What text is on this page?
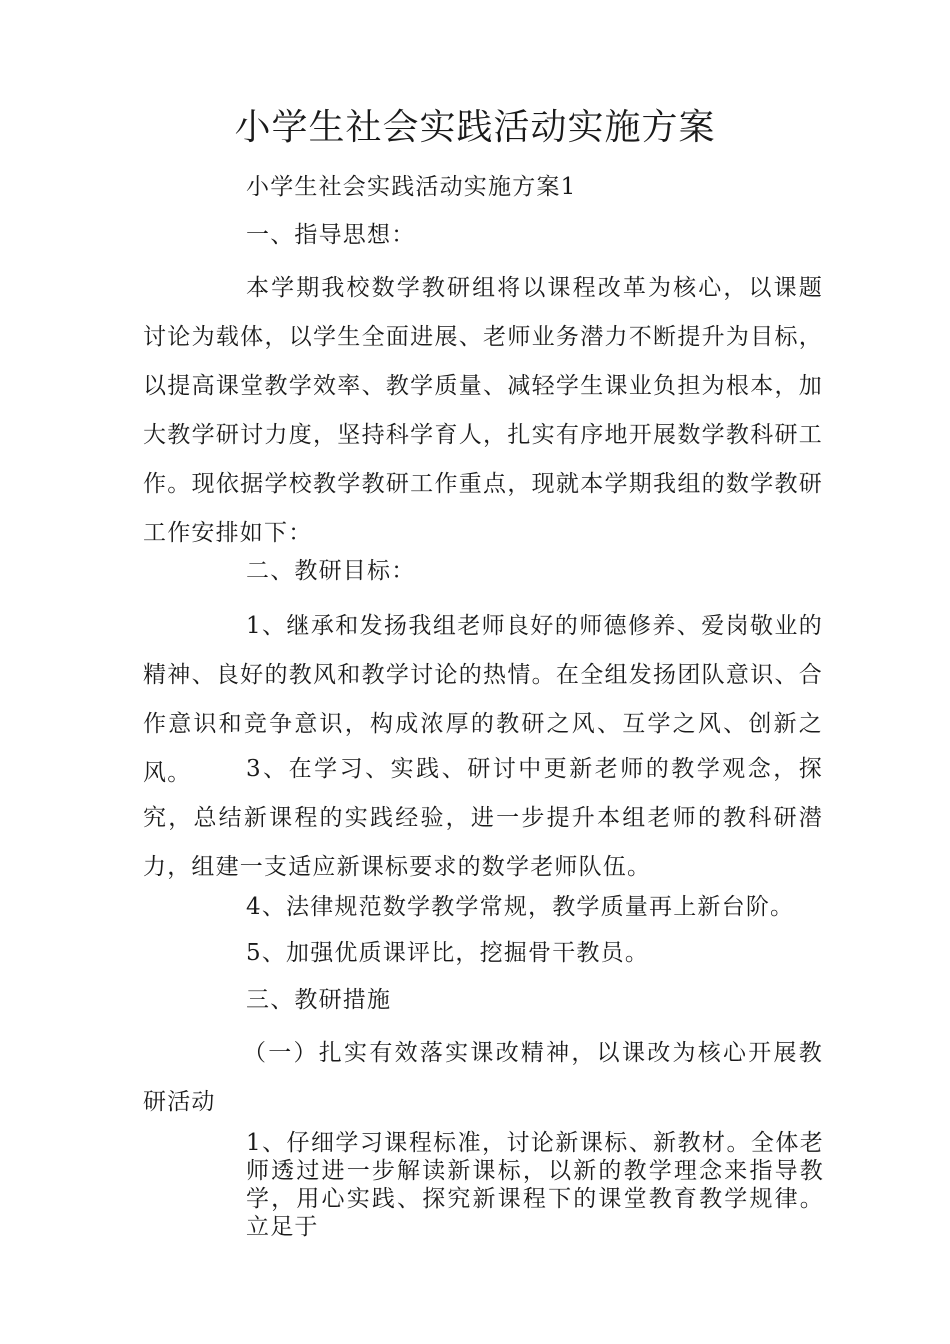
小学生社会实践活动实施方案

小学生社会实践活动实施方案1

一、指导思想：

本学期我校数学教研组将以课程改革为核心，以课题讨论为载体，以学生全面进展、老师业务潜力不断提升为目标，以提高课堂教学效率、教学质量、减轻学生课业负担为根本，加大教学研讨力度，坚持科学育人，扎实有序地开展数学教科研工作。现依据学校教学教研工作重点，现就本学期我组的数学教研工作安排如下：

二、教研目标：

1、继承和发扬我组老师良好的师德修养、爱岗敬业的精神、良好的教风和教学讨论的热情。在全组发扬团队意识、合作意识和竞争意识，构成浓厚的教研之风、互学之风、创新之风。	3、在学习、实践、研讨中更新老师的教学观念，探究，总结新课程的实践经验，进一步提升本组老师的教科研潜力，组建一支适应新课标要求的数学老师队伍。

4、法律规范数学教学常规，教学质量再上新台阶。

5、加强优质课评比，挖掘骨干教员。

三、教研措施

（一）扎实有效落实课改精神，以课改为核心开展教研活动

1、仔细学习课程标准，讨论新课标、新教材。全体老师透过进一步解读新课标，以新的教学理念来指导教学，用心实践、探究新课程下的课堂教育教学规律。立足于
